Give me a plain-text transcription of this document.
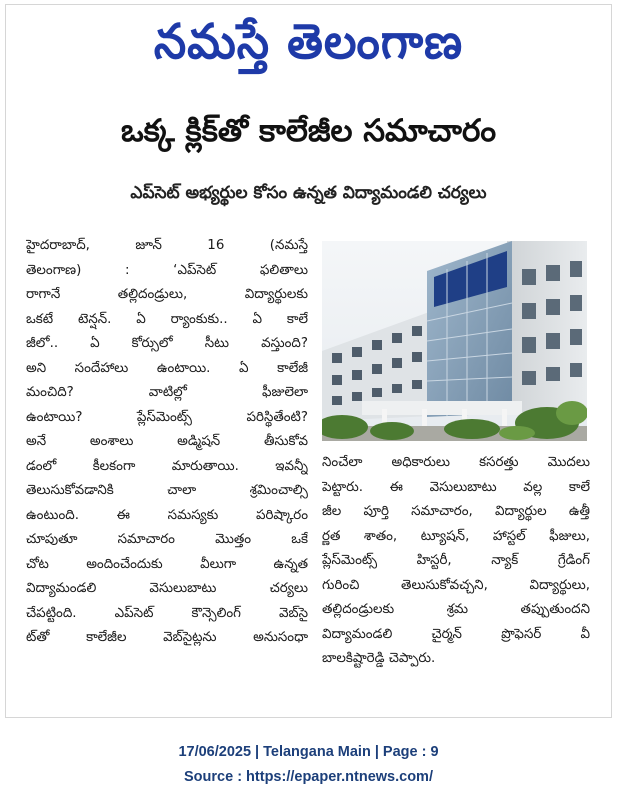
నమస్తే తెలంగాణ
ఒక్క క్లిక్‌తో కాలేజీల సమాచారం
ఎప్‌సెట్ అభ్యర్థుల కోసం ఉన్నత విద్యామండలి చర్యలు
హైదరాబాద్, జూన్ 16 (నమస్తే
తెలంగాణ) : ‘ఎప్‌సెట్ ఫలితాలు
రాగానే తల్లిదండ్రులు, విద్యార్థులకు
ఒకటే టెన్షన్. ఏ ర్యాంకుకు.. ఏ కాలే
జీలో.. ఏ కోర్సులో సీటు వస్తుంది?
అని సందేహాలు ఉంటాయి. ఏ కాలేజీ
మంచిది? వాటిల్లో ఫీజులెలా
ఉంటాయి? ప్లేస్‌మెంట్స్ పరిస్థితేంటి?
అనే అంశాలు అడ్మిషన్ తీసుకోవ
డంలో కీలకంగా మారుతాయి. ఇవన్నీ
తెలుసుకోవడానికి చాలా శ్రమించాల్సి
ఉంటుంది. ఈ సమస్యకు పరిష్కారం
చూపుతూ సమాచారం మొత్తం ఒకే
చోట అందించేందుకు వీలుగా ఉన్నత
విద్యామండలి వెసులుబాటు చర్యలు
చేపట్టింది. ఎప్‌సెట్ కౌన్సెలింగ్ వెబ్‌సై
ట్‌తో కాలేజీల వెబ్‌సైట్లను అనుసంధా
నించేలా అధికారులు కసరత్తు మొదలు
పెట్టారు. ఈ వెసులుబాటు వల్ల కాలే
జీల పూర్తి సమాచారం, విద్యార్థుల ఉత్తీ
ర్ణత శాతం, ట్యూషన్, హాస్టల్ ఫీజులు,
ప్లేస్‌మెంట్స్ హిస్టరీ, న్యాక్ గ్రేడింగ్
గురించి తెలుసుకోవచ్చని, విద్యార్థులు,
తల్లిదండ్రులకు శ్రమ తప్పుతుందని
విద్యామండలి చైర్మన్ ప్రొఫెసర్ వీ
బాలకిష్టారెడ్డి చెప్పారు.
17/06/2025 | Telangana Main | Page : 9
Source : https://epaper.ntnews.com/
